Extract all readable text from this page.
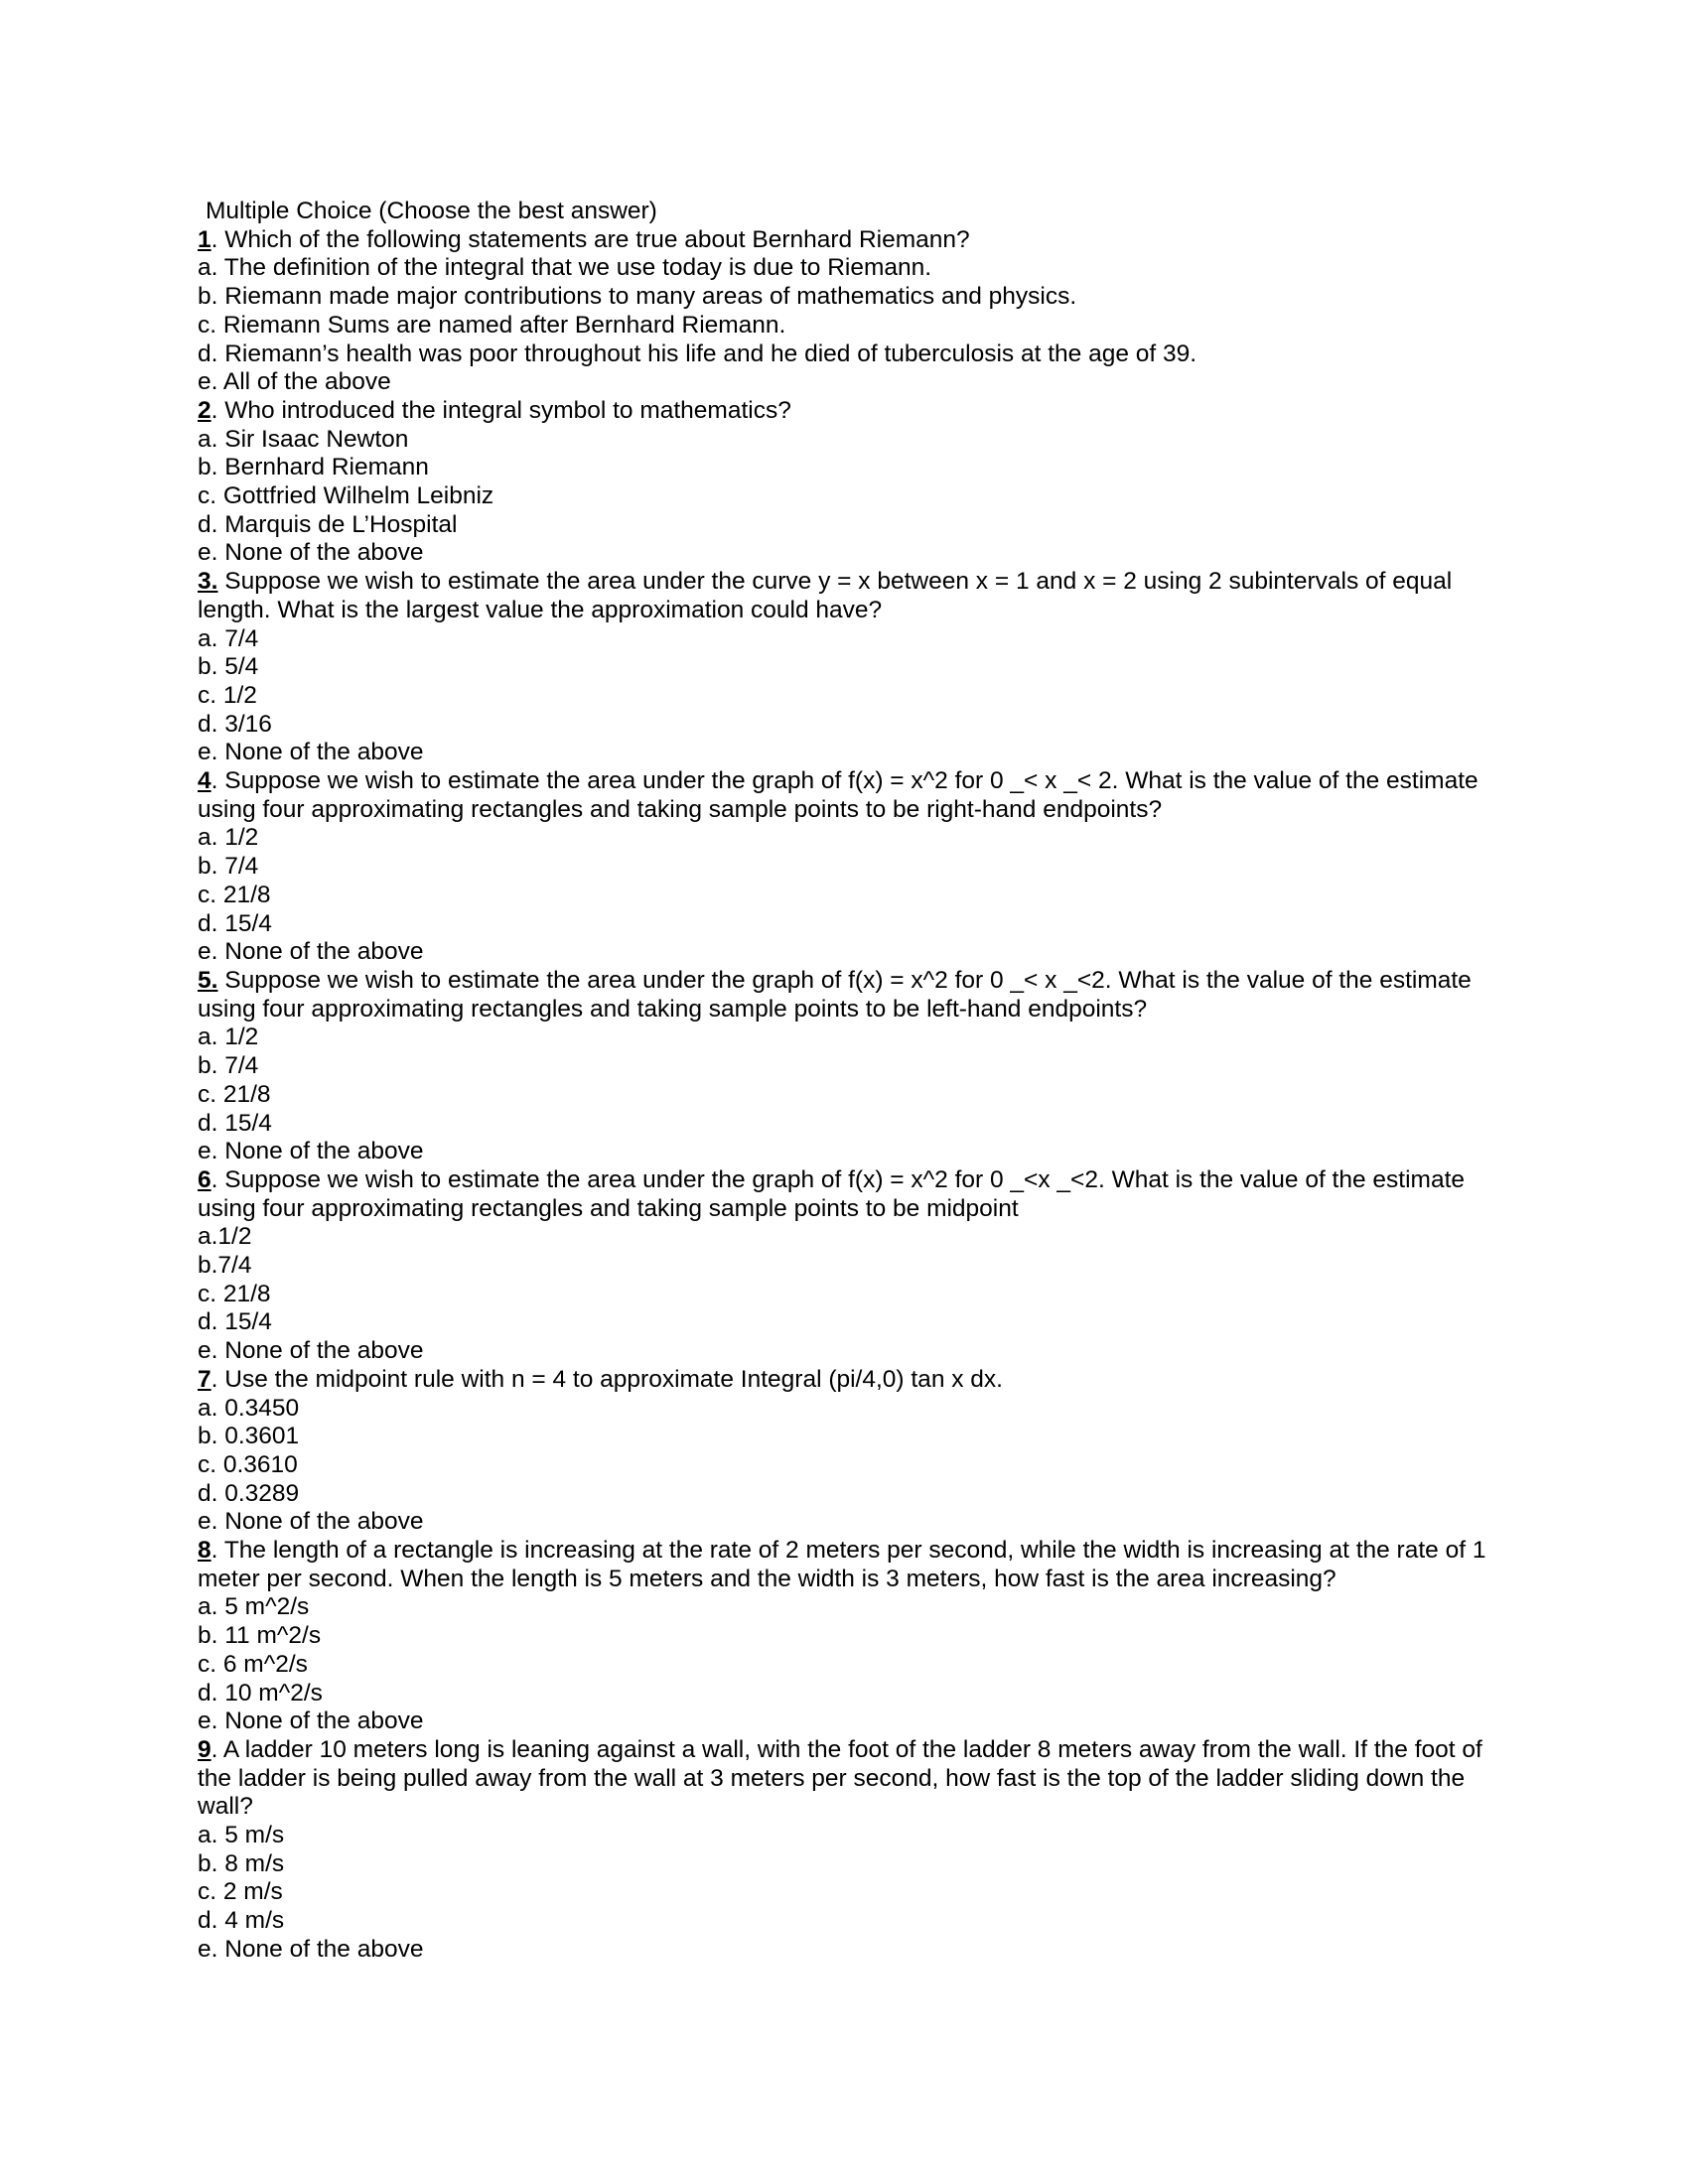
Multiple Choice (Choose the best answer)
1. Which of the following statements are true about Bernhard Riemann?
a. The definition of the integral that we use today is due to Riemann.
b. Riemann made major contributions to many areas of mathematics and physics.
c. Riemann Sums are named after Bernhard Riemann.
d. Riemann’s health was poor throughout his life and he died of tuberculosis at the age of 39.
e. All of the above
2. Who introduced the integral symbol to mathematics?
a. Sir Isaac Newton
b. Bernhard Riemann
c. Gottfried Wilhelm Leibniz
d. Marquis de L’Hospital
e. None of the above
3. Suppose we wish to estimate the area under the curve y = x between x = 1 and x = 2 using 2 subintervals of equal length. What is the largest value the approximation could have?
a. 7/4
b. 5/4
c. 1/2
d. 3/16
e. None of the above
4. Suppose we wish to estimate the area under the graph of f(x) = x^2 for 0 _< x _< 2. What is the value of the estimate using four approximating rectangles and taking sample points to be right-hand endpoints?
a. 1/2
b. 7/4
c. 21/8
d. 15/4
e. None of the above
5. Suppose we wish to estimate the area under the graph of f(x) = x^2 for 0 _< x _<2. What is the value of the estimate using four approximating rectangles and taking sample points to be left-hand endpoints?
a. 1/2
b. 7/4
c. 21/8
d. 15/4
e. None of the above
6. Suppose we wish to estimate the area under the graph of f(x) = x^2 for 0 _<x _<2. What is the value of the estimate using four approximating rectangles and taking sample points to be midpoint
a.1/2
b.7/4
c. 21/8
d. 15/4
e. None of the above
7. Use the midpoint rule with n = 4 to approximate Integral (pi/4,0) tan x dx.
a. 0.3450
b. 0.3601
c. 0.3610
d. 0.3289
e. None of the above
8. The length of a rectangle is increasing at the rate of 2 meters per second, while the width is increasing at the rate of 1 meter per second. When the length is 5 meters and the width is 3 meters, how fast is the area increasing?
a. 5 m^2/s
b. 11 m^2/s
c. 6 m^2/s
d. 10 m^2/s
e. None of the above
9. A ladder 10 meters long is leaning against a wall, with the foot of the ladder 8 meters away from the wall. If the foot of the ladder is being pulled away from the wall at 3 meters per second, how fast is the top of the ladder sliding down the wall?
a. 5 m/s
b. 8 m/s
c. 2 m/s
d. 4 m/s
e. None of the above
